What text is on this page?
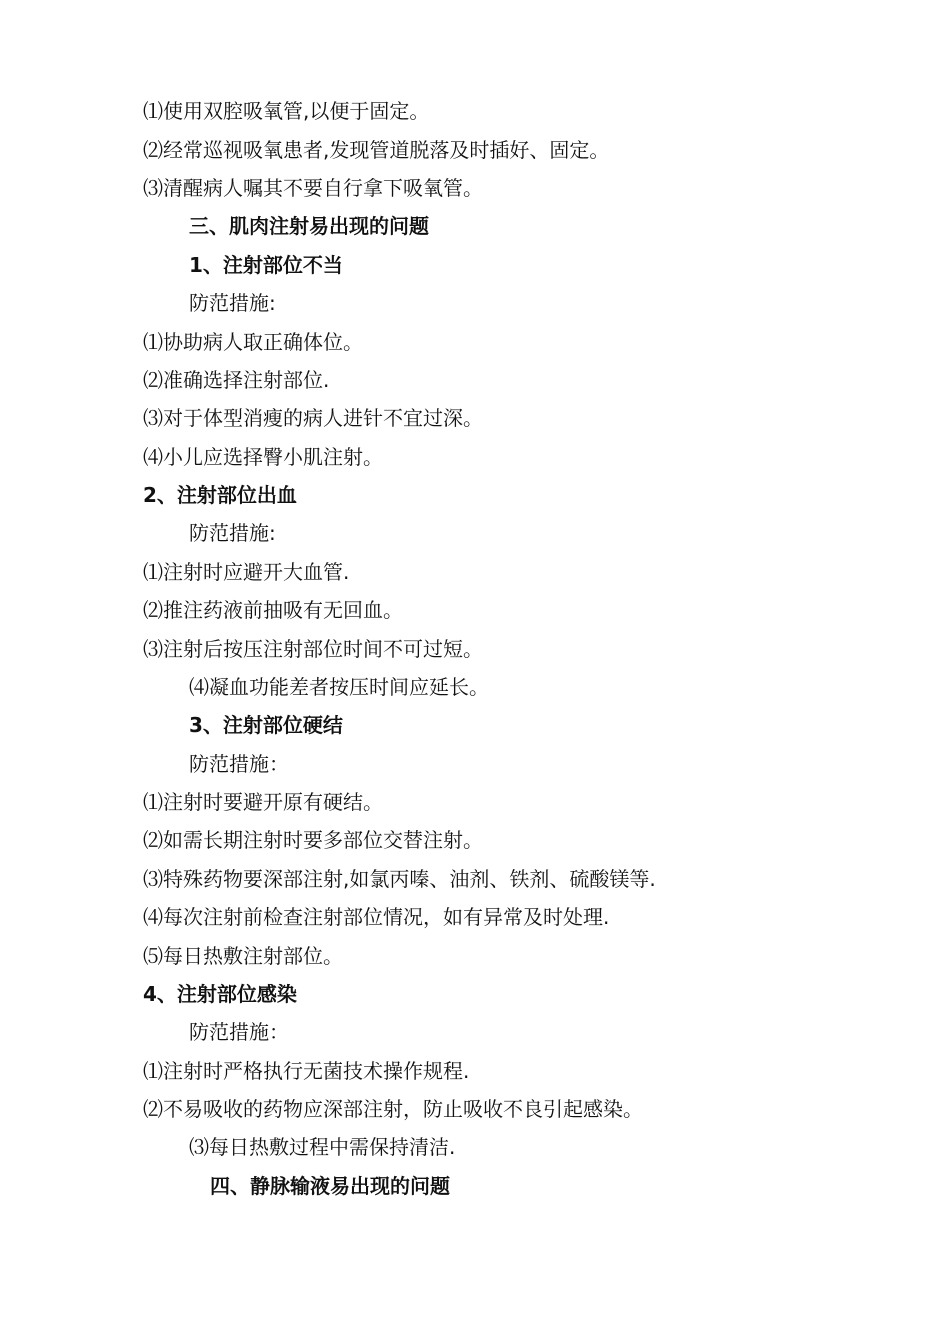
⑴使用双腔吸氧管,以便于固定。
⑵经常巡视吸氧患者,发现管道脱落及时插好、固定。
⑶清醒病人嘱其不要自行拿下吸氧管。
三、肌肉注射易出现的问题
1、注射部位不当
防范措施:
⑴协助病人取正确体位。
⑵准确选择注射部位.
⑶对于体型消瘦的病人进针不宜过深。
⑷小儿应选择臀小肌注射。
2、注射部位出血
防范措施:
⑴注射时应避开大血管.
⑵推注药液前抽吸有无回血。
⑶注射后按压注射部位时间不可过短。
⑷凝血功能差者按压时间应延长。
3、注射部位硬结
防范措施：
⑴注射时要避开原有硬结。
⑵如需长期注射时要多部位交替注射。
⑶特殊药物要深部注射,如氯丙嗪、油剂、铁剂、硫酸镁等.
⑷每次注射前检查注射部位情况，如有异常及时处理.
⑸每日热敷注射部位。
4、注射部位感染
防范措施：
⑴注射时严格执行无菌技术操作规程.
⑵不易吸收的药物应深部注射，防止吸收不良引起感染。
⑶每日热敷过程中需保持清洁.
四、静脉输液易出现的问题
